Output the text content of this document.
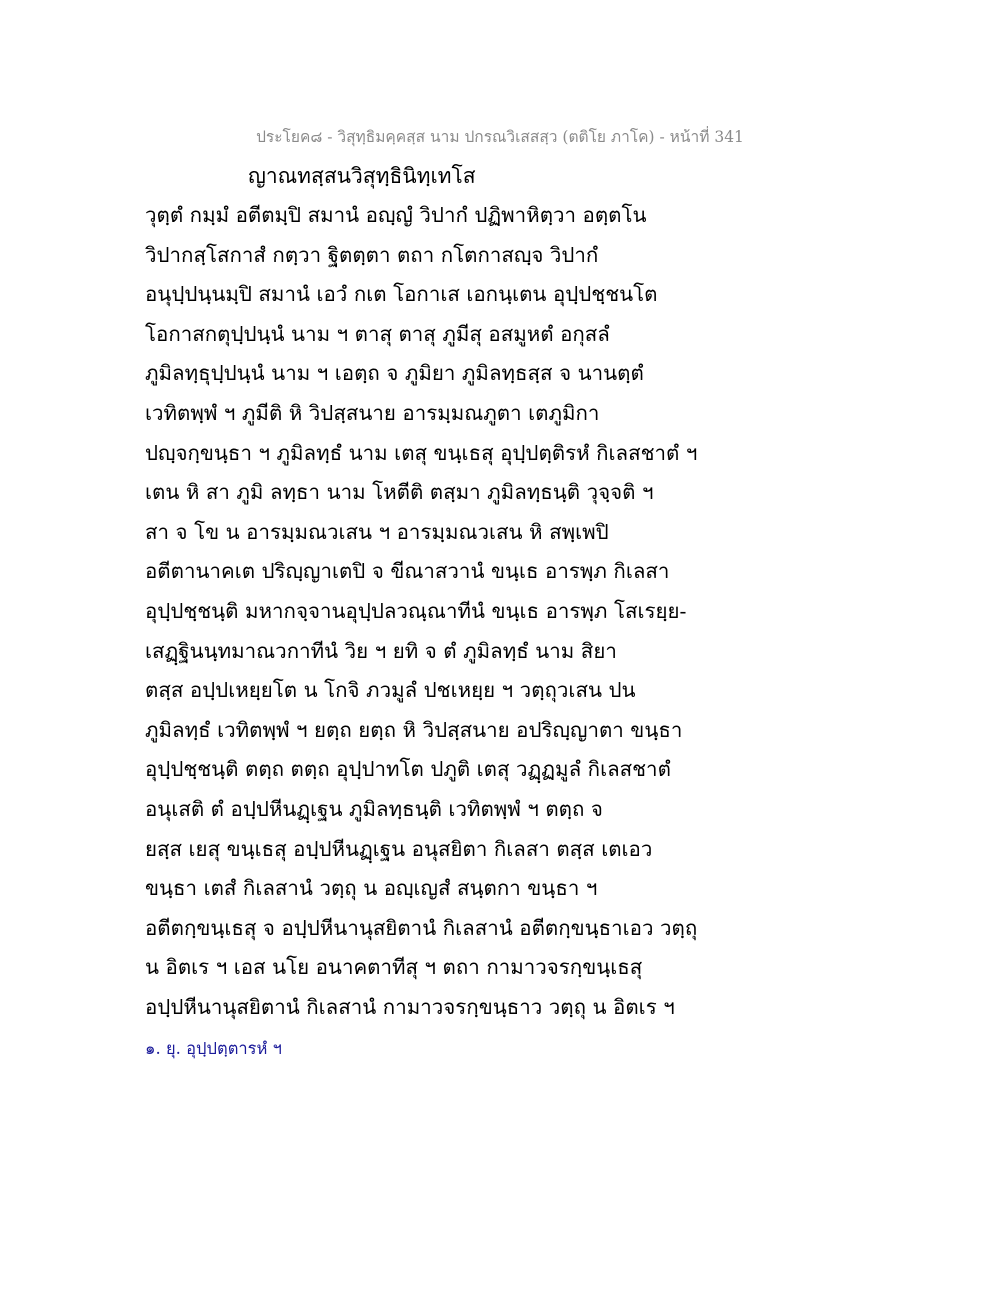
ประโยค๘ - วิสุทฺธิมคฺคสฺส นาม ปกรณวิเสสสฺว (ตติโย ภาโค) - หน้าที่ 341
ญาณทสฺสนวิสุทฺธินิทฺเทโส
วุตฺตํ กมฺมํ อตีตมฺปิ สมานํ อญฺญํ วิปากํ ปฏิพาหิตฺวา อตฺตโน
วิปากสฺโสกาสํ กตฺวา ฐิตตฺตา ตถา กโตกาสญฺจ วิปากํ
อนุปฺปนฺนมฺปิ สมานํ เอวํ กเต โอกาเส เอกนฺเตน อุปฺปชฺชนโต
โอกาสกตุปฺปนฺนํ นาม ฯ ตาสุ ตาสุ ภูมีสุ อสมูหตํ อกุสลํ
ภูมิลทฺธุปฺปนฺนํ นาม ฯ เอตฺถ จ ภูมิยา ภูมิลทฺธสฺส จ นานตฺตํ
เวทิตพฺพํ ฯ ภูมีติ หิ วิปสฺสนาย อารมฺมณภูตา เตภูมิกา
ปญฺจกฺขนฺธา ฯ ภูมิลทฺธํ นาม เตสุ ขนฺเธสุ อุปฺปตฺติรหํ กิเลสชาตํ ฯ
เตน หิ สา ภูมิ ลทฺธา นาม โหตีติ ตสฺมา ภูมิลทฺธนฺติ วุจฺจติ ฯ
สา จ โข น อารมฺมณวเสน ฯ อารมฺมณวเสน หิ สพฺเพปิ
อตีตานาคเต ปริญฺญาเตปิ จ ขีณาสวานํ ขนฺเธ อารพฺภ กิเลสา
อุปฺปชฺชนฺติ มหากจฺจานอุปฺปลวณฺณาทีนํ ขนฺเธ อารพฺภ โสเรยฺย-
เสฏฺฐินนฺทมาณวกาทีนํ วิย ฯ ยทิ จ ตํ ภูมิลทฺธํ นาม สิยา
ตสฺส อปฺปเหยฺยโต น โกจิ ภวมูลํ ปชเหยฺย ฯ วตฺถุวเสน ปน
ภูมิลทฺธํ เวทิตพฺพํ ฯ ยตฺถ ยตฺถ หิ วิปสฺสนาย อปริญฺญาตา ขนฺธา
อุปฺปชฺชนฺติ ตตฺถ ตตฺถ อุปฺปาทโต ปภูติ เตสุ วฏฺฏมูลํ กิเลสชาตํ
อนุเสติ ตํ อปฺปหีนฏฺเฐน ภูมิลทฺธนฺติ เวทิตพฺพํ ฯ ตตฺถ จ
ยสฺส เยสุ ขนฺเธสุ อปฺปหีนฏฺเฐน อนุสยิตา กิเลสา ตสฺส เตเอว
ขนฺธา เตสํ กิเลสานํ วตฺถุ น อญฺเญสํ สนฺตกา ขนฺธา ฯ
อตีตกฺขนฺเธสุ จ อปฺปหีนานุสยิตานํ กิเลสานํ อตีตกฺขนฺธาเอว วตฺถุ
น อิตเร ฯ เอส นโย อนาคตาทีสุ ฯ ตถา กามาวจรกฺขนฺเธสุ
อปฺปหีนานุสยิตานํ กิเลสานํ กามาวจรกฺขนฺธาว วตฺถุ น อิตเร ฯ
๑. ยุ. อุปฺปตฺตารหํ ฯ
